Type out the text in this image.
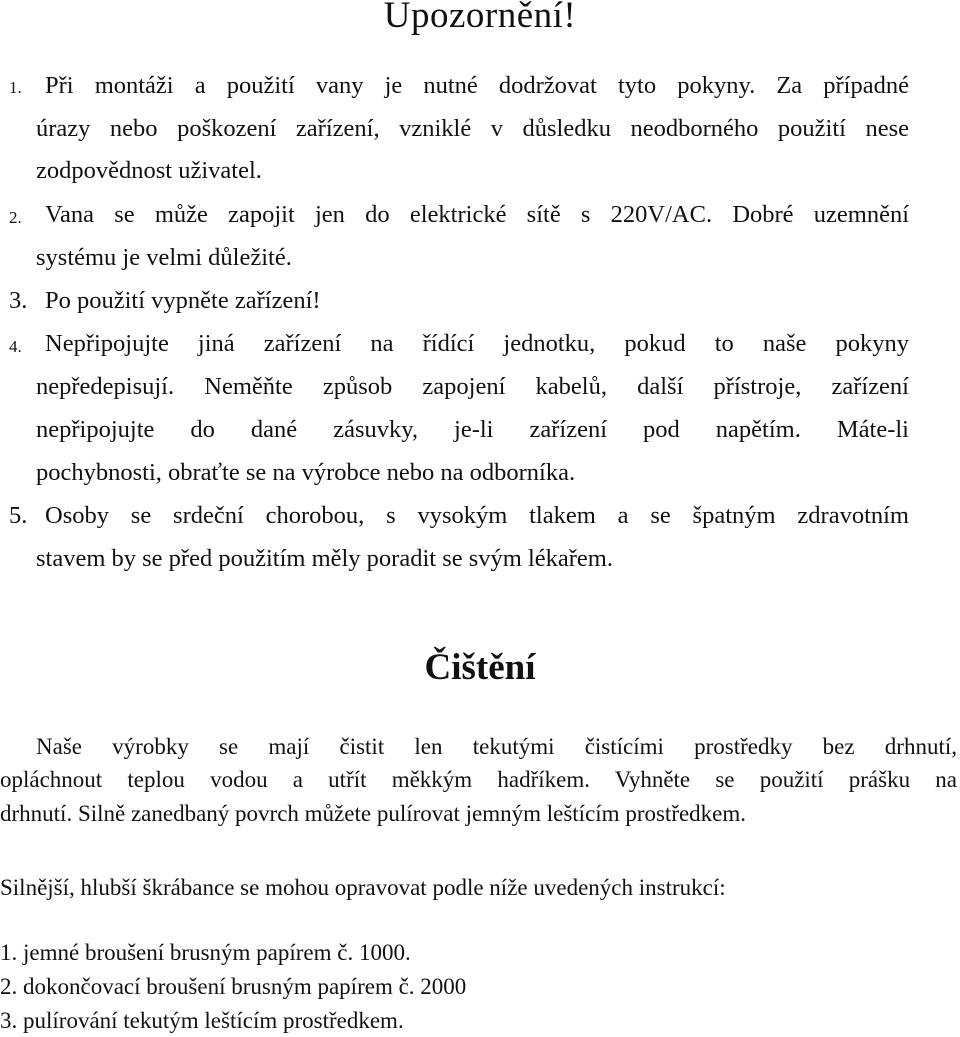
Upozornění!
1. Při montáži a použití vany je nutné dodržovat tyto pokyny. Za případné
úrazy nebo poškození zařízení, vzniklé v důsledku neodborného použití nese
zodpovědnost uživatel.
2. Vana se může zapojit jen do elektrické sítě s 220V/AC. Dobré uzemnění
systému je velmi důležité.
3. Po použití vypněte zařízení!
4. Nepřipojujte jiná zařízení na řídící jednotku, pokud to naše pokyny
nepředepisují. Neměňte způsob zapojení kabelů, další přístroje, zařízení
nepřipojujte do dané zásuvky, je-li zařízení pod napětím. Máte-li
pochybnosti, obraťte se na výrobce nebo na odborníka.
5. Osoby se srdeční chorobou, s vysokým tlakem a se špatným zdravotním
stavem by se před použitím měly poradit se svým lékařem.
Čištění
Naše výrobky se mají čistit len tekutými čistícími prostředky bez drhnutí,
opláchnout teplou vodou a utřít měkkým hadříkem. Vyhněte se použití prášku na
drhnutí. Silně zanedbaný povrch můžete pulírovat jemným leštícím prostředkem.
Silnější, hlubší škrábance se mohou opravovat podle níže uvedených instrukcí:
1. jemné broušení brusným papírem č. 1000.
2. dokončovací broušení brusným papírem č. 2000
3. pulírování tekutým leštícím prostředkem.
